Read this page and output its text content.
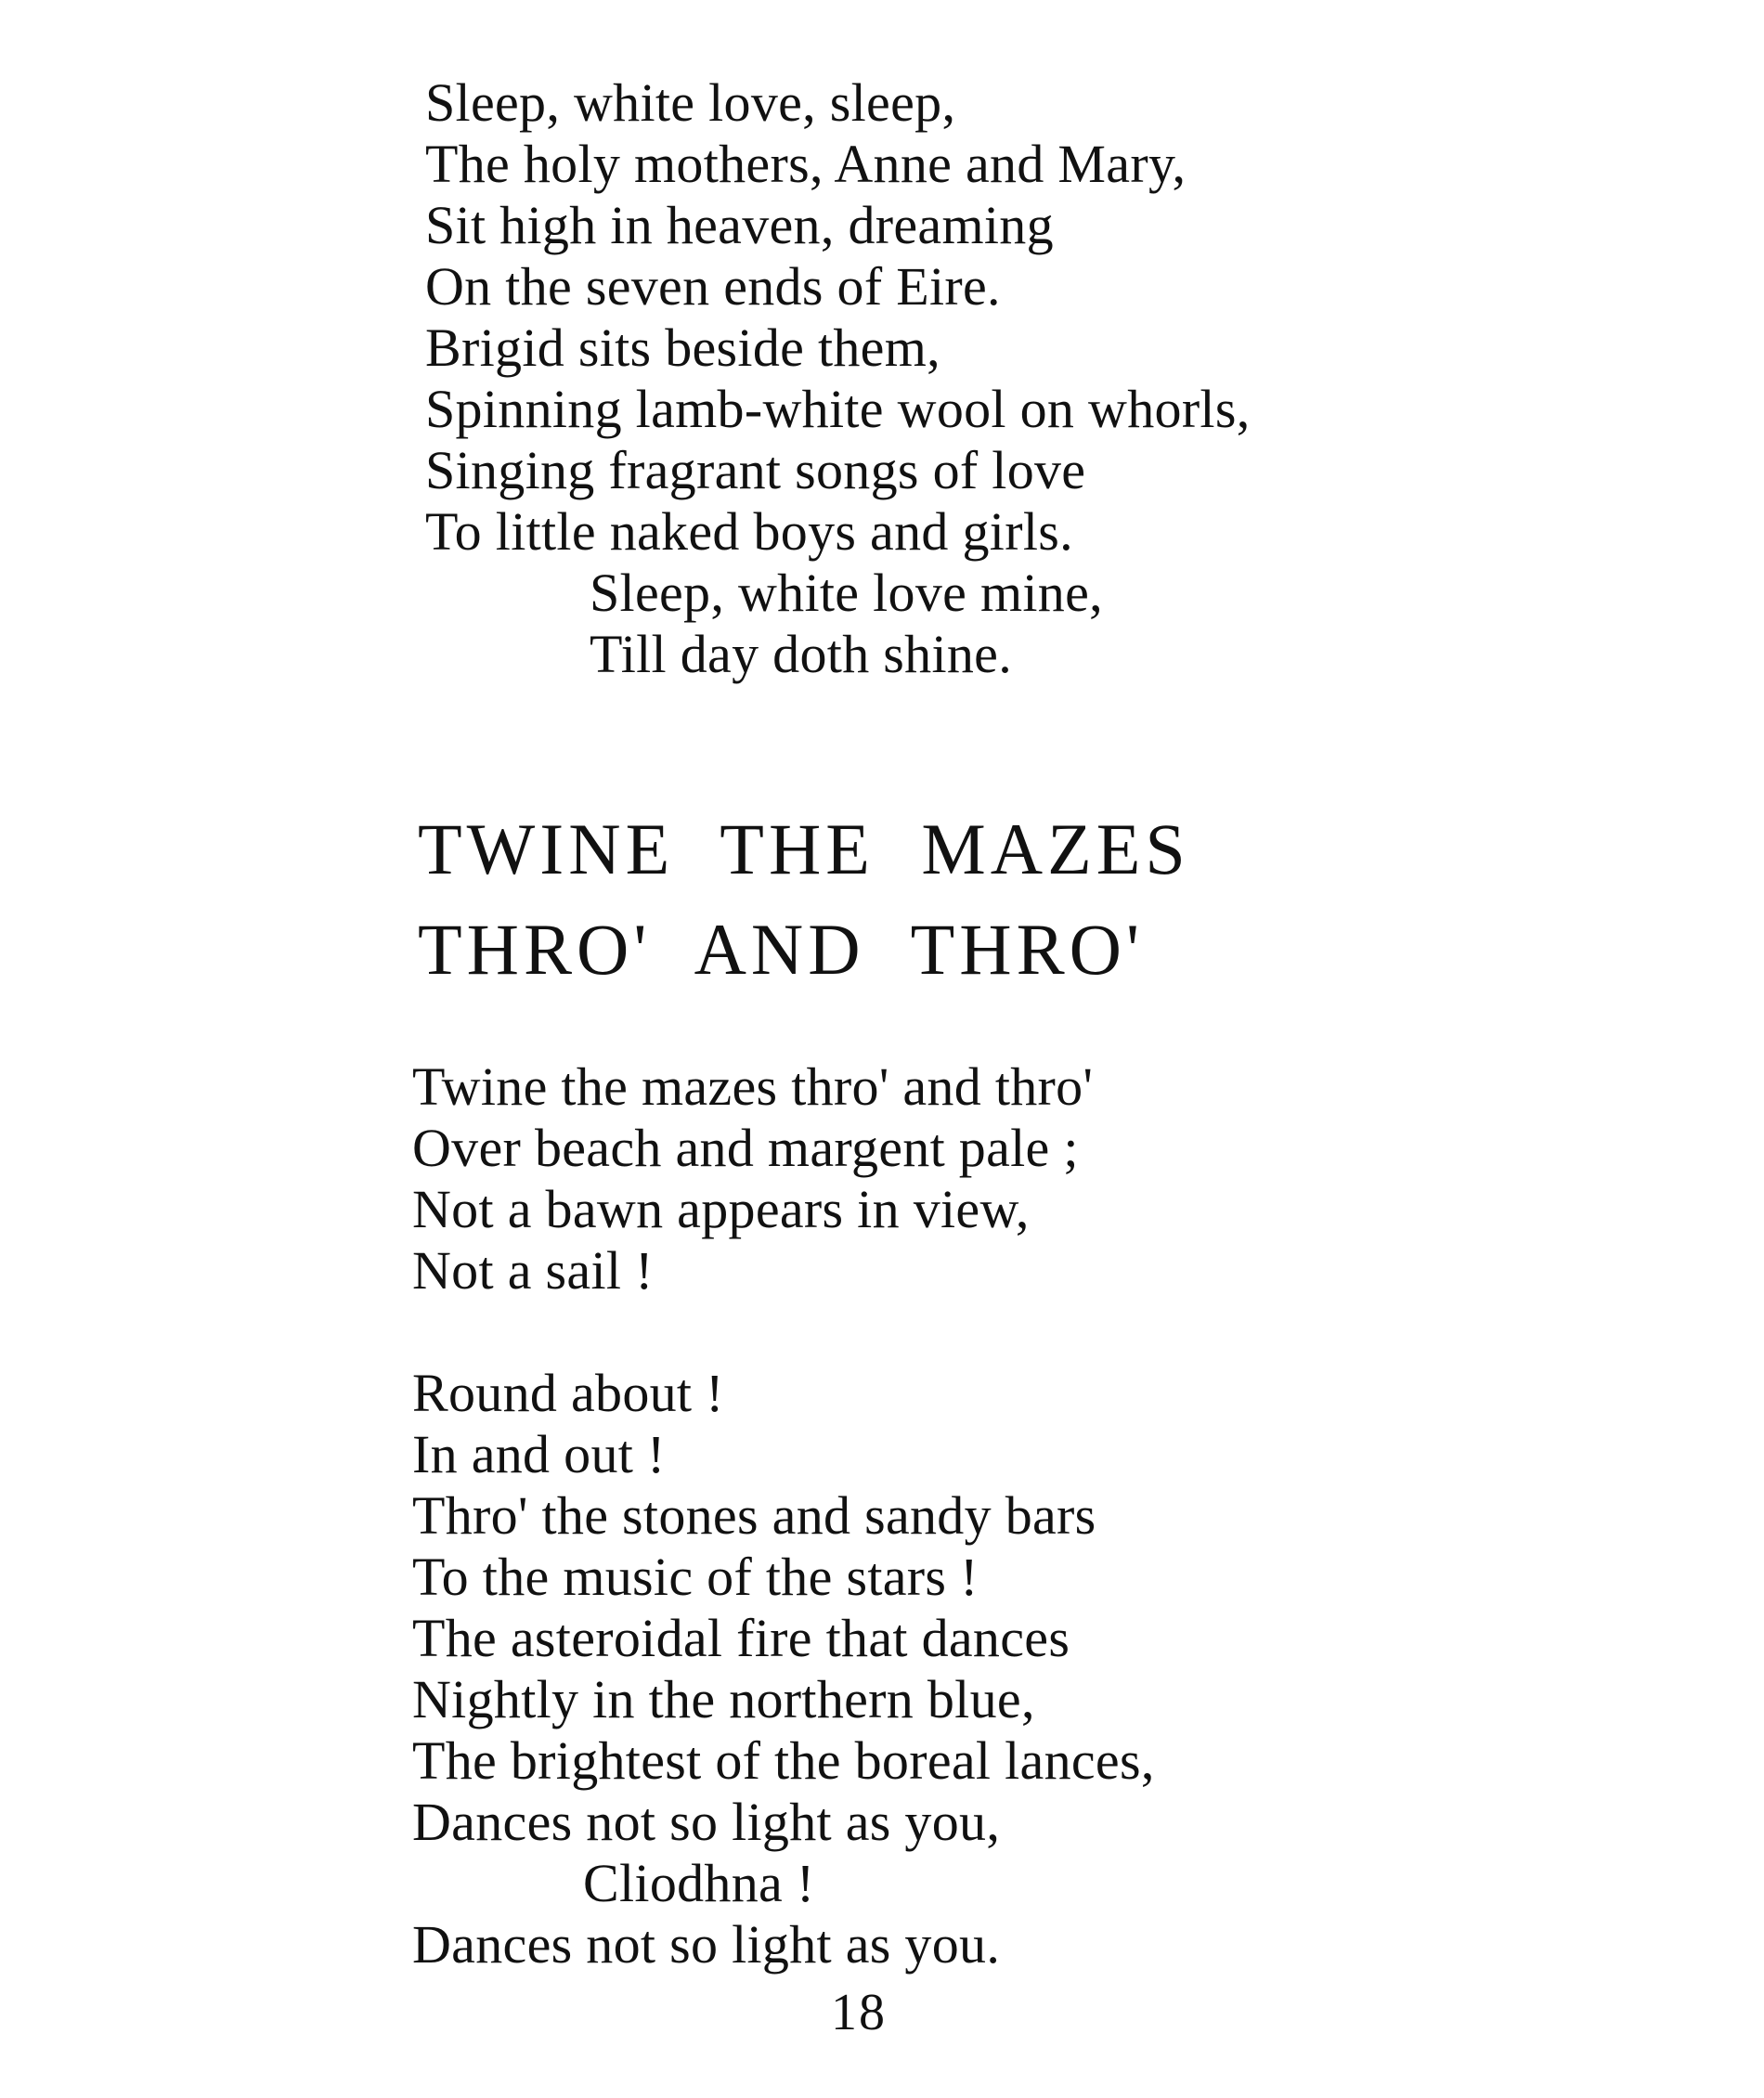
Sleep, white love, sleep,
The holy mothers, Anne and Mary,
Sit high in heaven, dreaming
On the seven ends of Eire.
Brigid sits beside them,
Spinning lamb-white wool on whorls,
Singing fragrant songs of love
To little naked boys and girls.
Sleep, white love mine,
Till day doth shine.
TWINE THE MAZES
THRO' AND THRO'
Twine the mazes thro' and thro'
Over beach and margent pale ;
Not a bawn appears in view,
Not a sail !
Round about !
In and out !
Thro' the stones and sandy bars
To the music of the stars !
The asteroidal fire that dances
Nightly in the northern blue,
The brightest of the boreal lances,
Dances not so light as you,
Cliodhna !
Dances not so light as you.
18
